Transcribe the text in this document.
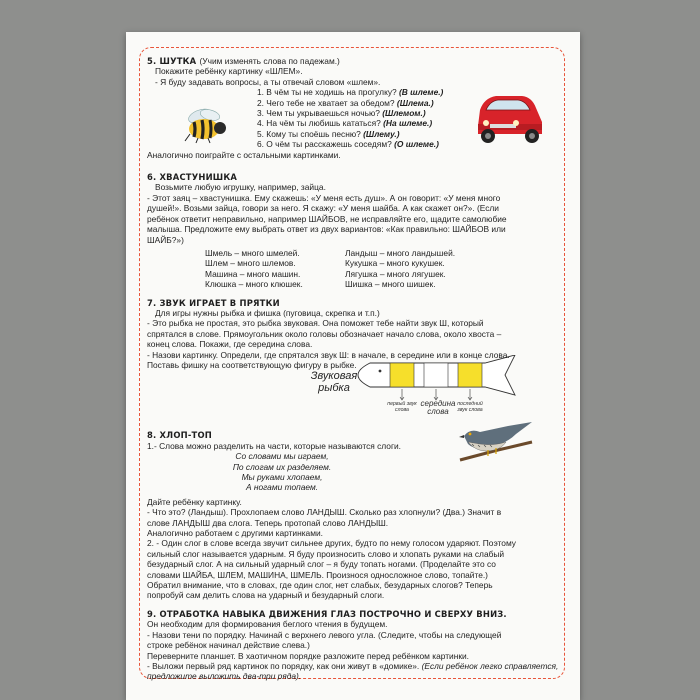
Звуковая рыбка
первый звук слова
середина слова
последний звук слова
5. ШУТКА (Учим изменять слова по падежам.)

Покажите ребёнку картинку «ШЛЕМ».

- Я буду задавать вопросы, а ты отвечай словом «шлем».

1. В чём ты не ходишь на прогулку? (В шлеме.)

2. Чего тебе не хватает за обедом? (Шлема.)

3. Чем ты укрываешься ночью? (Шлемом.)

4. На чём ты любишь кататься? (На шлеме.)

5. Кому ты споёшь песню? (Шлему.)

6. О чём ты расскажешь соседям? (О шлеме.)

Аналогично поиграйте с остальными картинками.

6. ХВАСТУНИШКА

Возьмите любую игрушку, например, зайца.

- Этот заяц – хвастунишка. Ему скажешь: «У меня есть душ». А он говорит: «У меня много

душей!». Возьми зайца, говори за него. Я скажу: «У меня шайба. А как скажет он?». (Если

ребёнок ответит неправильно, например ШАЙБОВ, не исправляйте его, щадите самолюбие

малыша. Предложите ему выбрать ответ из двух вариантов: «Как правильно: ШАЙБОВ или

ШАЙБ?»)

Шмель – много шмелей.

Шлем – много шлемов.

Машина – много машин.

Клюшка – много клюшек.

Ландыш – много ландышей.

Кукушка – много кукушек.

Лягушка – много лягушек.

Шишка – много шишек.

7. ЗВУК ИГРАЕТ В ПРЯТКИ

Для игры нужны рыбка и фишка (пуговица, скрепка и т.п.)

- Это рыбка не простая, это рыбка звуковая. Она поможет тебе найти звук Ш, который

спрятался в слове. Прямоугольник около головы обозначает начало слова, около хвоста –

конец слова. Покажи, где середина слова.

- Назови картинку. Определи, где спрятался звук Ш: в начале, в середине или в конце слова.

Поставь фишку на соответствующую фигуру в рыбке.

8. ХЛОП-ТОП

1.- Слова можно разделить на части, которые называются слоги.

Со словами мы играем,

По слогам их разделяем.

Мы руками хлопаем,

А ногами топаем.

Дайте ребёнку картинку.

- Что это? (Ландыш). Прохлопаем слово ЛАНДЫШ. Сколько раз хлопнули? (Два.) Значит в

слове ЛАНДЫШ два слога. Теперь протопай слово ЛАНДЫШ.

Аналогично работаем с другими картинками.

2. - Один слог в слове всегда звучит сильнее других, будто по нему голосом ударяют. Поэтому

сильный слог называется ударным. Я буду произносить слово и хлопать руками на слабый

безударный слог. А на сильный ударный слог – я буду топать ногами. (Проделайте это со

словами ШАЙБА, ШЛЕМ, МАШИНА, ШМЕЛЬ. Произнося односложное слово, топайте.)

Обратил внимание, что в словах, где один слог, нет слабых, безударных слогов? Теперь

попробуй сам делить слова на ударный и безударный слоги.

9. ОТРАБОТКА НАВЫКА ДВИЖЕНИЯ ГЛАЗ ПОСТРОЧНО И СВЕРХУ ВНИЗ.

Он необходим для формирования беглого чтения в будущем.

- Назови тени по порядку. Начинай с верхнего левого угла. (Следите, чтобы на следующей

строке ребёнок начинал действие слева.)

Переверните планшет. В хаотичном порядке разложите перед ребёнком картинки.

- Выложи первый ряд картинок по порядку, как они живут в «домике». (Если ребёнок легко справляется, предложите выложить два-три ряда).
